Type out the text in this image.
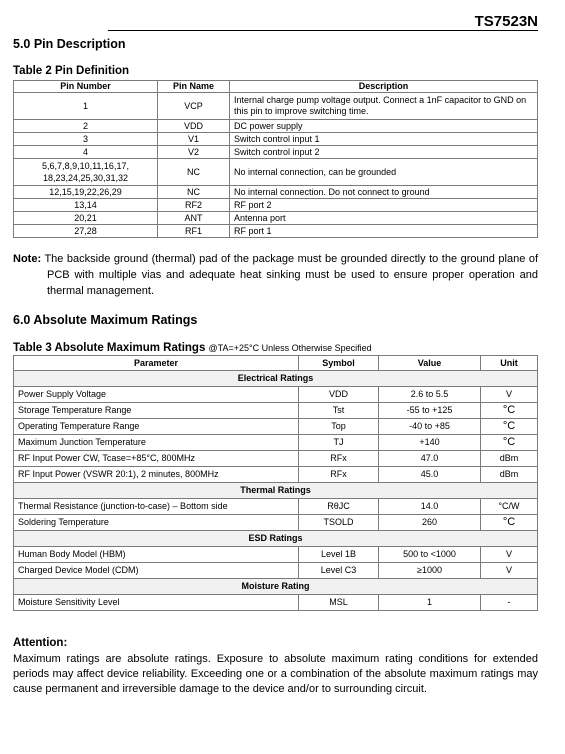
TS7523N
5.0 Pin Description
Table 2 Pin Definition
Pin Number	Pin Name	Description
1	VCP	Internal charge pump voltage output. Connect a 1nF capacitor to GND on this pin to improve switching time.
2	VDD	DC power supply
3	V1	Switch control input 1
4	V2	Switch control input 2
5,6,7,8,9,10,11,16,17, 18,23,24,25,30,31,32	NC	No internal connection, can be grounded
12,15,19,22,26,29	NC	No internal connection. Do not connect to ground
13,14	RF2	RF port 2
20,21	ANT	Antenna port
27,28	RF1	RF port 1
Note: The backside ground (thermal) pad of the package must be grounded directly to the ground plane of PCB with multiple vias and adequate heat sinking must be used to ensure proper operation and thermal management.
6.0 Absolute Maximum Ratings
Table 3 Absolute Maximum Ratings @TA=+25°C Unless Otherwise Specified
Parameter	Symbol	Value	Unit
Electrical Ratings			
Power Supply Voltage	VDD	2.6 to 5.5	V
Storage Temperature Range	Tst	-55 to +125	°C
Operating Temperature Range	Top	-40 to +85	°C
Maximum Junction Temperature	TJ	+140	°C
RF Input Power CW, Tcase=+85°C, 800MHz	RFx	47.0	dBm
RF Input Power (VSWR 20:1), 2 minutes, 800MHz	RFx	45.0	dBm
Thermal Ratings			
Thermal Resistance (junction-to-case) – Bottom side	RθJC	14.0	°C/W
Soldering Temperature	TSOLD	260	°C
ESD Ratings			
Human Body Model (HBM)	Level 1B	500 to <1000	V
Charged Device Model (CDM)	Level C3	≥1000	V
Moisture Rating			
Moisture Sensitivity Level	MSL	1	-
Attention:
Maximum ratings are absolute ratings. Exposure to absolute maximum rating conditions for extended periods may affect device reliability. Exceeding one or a combination of the absolute maximum ratings may cause permanent and irreversible damage to the device and/or to surrounding circuit.
